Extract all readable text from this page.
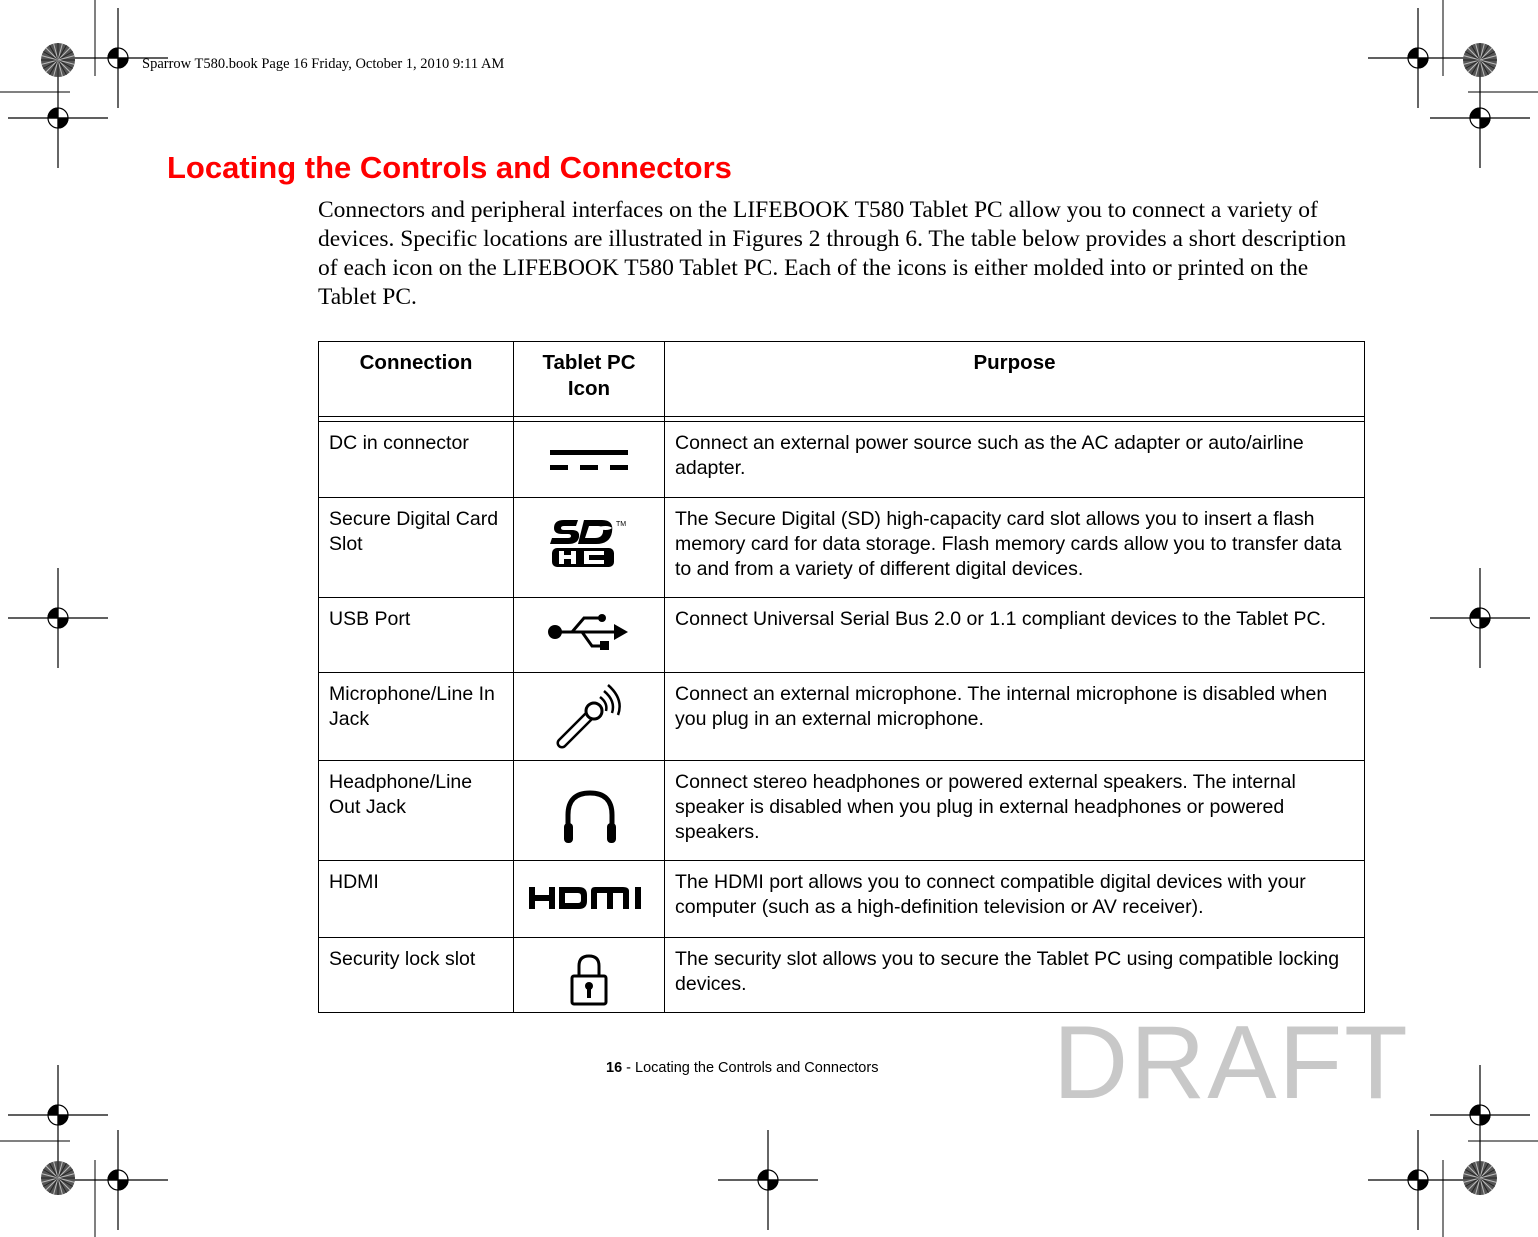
Sparrow T580.book Page 16 Friday, October 1, 2010 9:11 AM
Locating the Controls and Connectors

Connectors and peripheral interfaces on the LIFEBOOK T580 Tablet PC allow you to connect a variety of devices. Specific locations are illustrated in Figures 2 through 6. The table below provides a short description of each icon on the LIFEBOOK T580 Tablet PC. Each of the icons is either molded into or printed on the Tablet PC.

Connection	Tablet PC Icon	Purpose

DC in connector		Connect an external power source such as the AC adapter or auto/airline adapter.
Secure Digital Card Slot	TM	The Secure Digital (SD) high-capacity card slot allows you to insert a flash memory card for data storage. Flash memory cards allow you to transfer data to and from a variety of different digital devices.
USB Port		Connect Universal Serial Bus 2.0 or 1.1 compliant devices to the Tablet PC.
Microphone/Line In Jack		Connect an external microphone. The internal microphone is disabled when you plug in an external microphone.
Headphone/Line Out Jack		Connect stereo headphones or powered external speakers. The internal speaker is disabled when you plug in external headphones or powered speakers.
HDMI		The HDMI port allows you to connect compatible digital devices with your computer (such as a high-definition television or AV receiver).
Security lock slot		The security slot allows you to secure the Tablet PC using compatible locking devices.
16 - Locating the Controls and Connectors DRAFT
